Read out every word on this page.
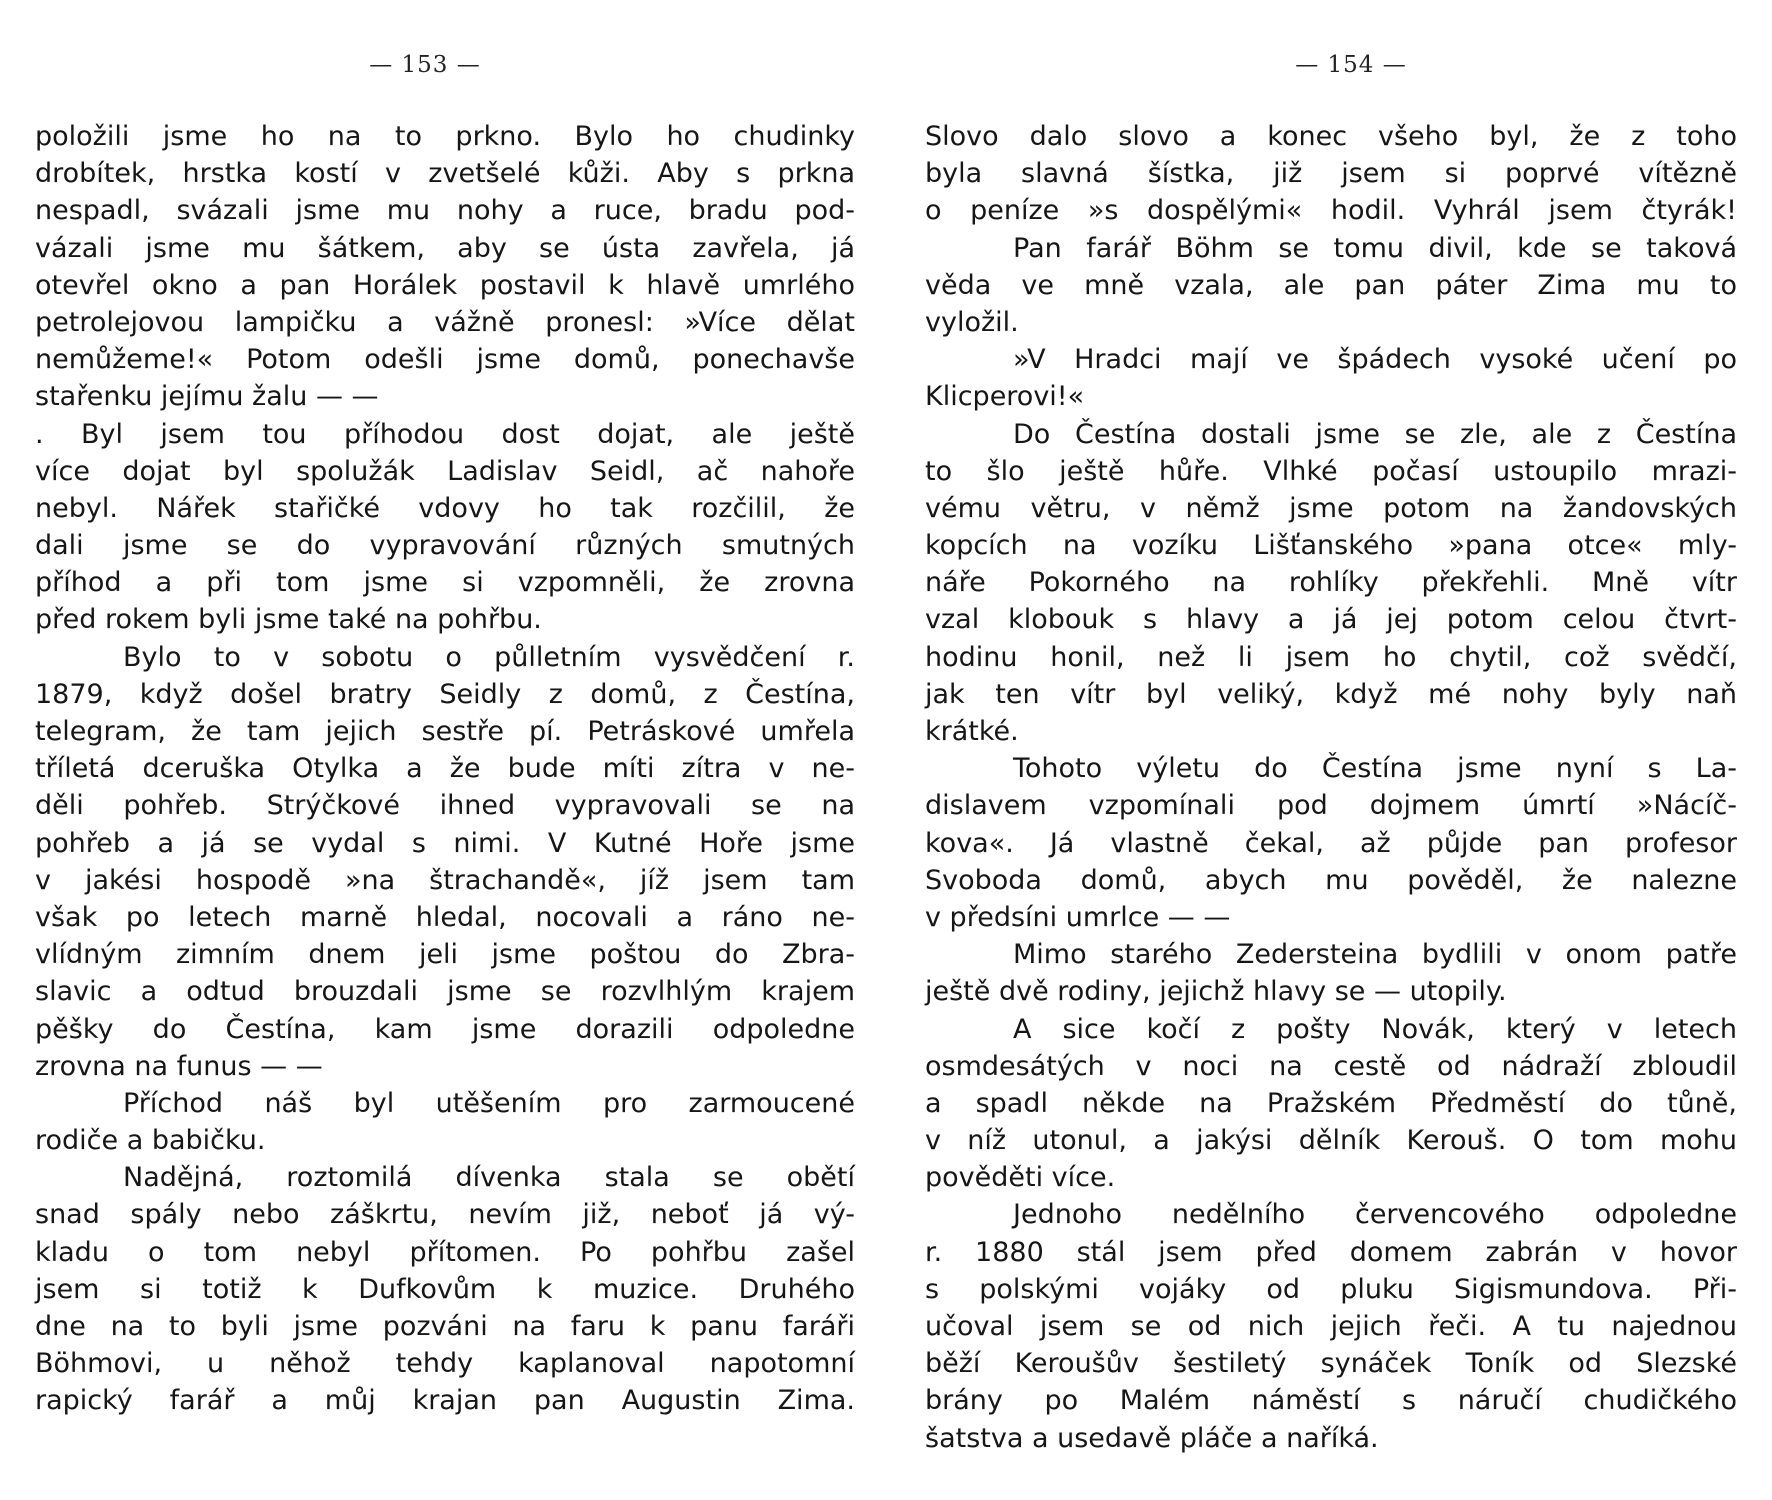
— 153 —
položili jsme ho na to prkno. Bylo ho chudinky
drobítek, hrstka kostí v zvetšelé kůži. Aby s prkna
nespadl, svázali jsme mu nohy a ruce, bradu pod-
vázali jsme mu šátkem, aby se ústa zavřela, já
otevřel okno a pan Horálek postavil k hlavě umrlého
petrolejovou lampičku a vážně pronesl: »Více dělat
nemůžeme!« Potom odešli jsme domů, ponechavše
stařenku jejímu žalu — —
. Byl jsem tou příhodou dost dojat, ale ještě
více dojat byl spolužák Ladislav Seidl, ač nahoře
nebyl. Nářek stařičké vdovy ho tak rozčilil, že
dali jsme se do vypravování různých smutných
příhod a při tom jsme si vzpomněli, že zrovna
před rokem byli jsme také na pohřbu.
Bylo to v sobotu o půlletním vysvědčení r.
1879, když došel bratry Seidly z domů, z Čestína,
telegram, že tam jejich sestře pí. Petráskové umřela
tříletá dceruška Otylka a že bude míti zítra v ne-
děli pohřeb. Strýčkové ihned vypravovali se na
pohřeb a já se vydal s nimi. V Kutné Hoře jsme
v jakési hospodě »na štrachandě«, jíž jsem tam
však po letech marně hledal, nocovali a ráno ne-
vlídným zimním dnem jeli jsme poštou do Zbra-
slavic a odtud brouzdali jsme se rozvlhlým krajem
pěšky do Čestína, kam jsme dorazili odpoledne
zrovna na funus — —
Příchod náš byl utěšením pro zarmoucené
rodiče a babičku.
Nadějná, roztomilá dívenka stala se obětí
snad spály nebo záškrtu, nevím již, neboť já vý-
kladu o tom nebyl přítomen. Po pohřbu zašel
jsem si totiž k Dufkovům k muzice. Druhého
dne na to byli jsme pozváni na faru k panu faráři
Böhmovi, u něhož tehdy kaplanoval napotomní
rapický farář a můj krajan pan Augustin Zima.
— 154 —
Slovo dalo slovo a konec všeho byl, že z toho
byla slavná šístka, již jsem si poprvé vítězně
o peníze »s dospělými« hodil. Vyhrál jsem čtyrák!
Pan farář Böhm se tomu divil, kde se taková
věda ve mně vzala, ale pan páter Zima mu to
vyložil.
»V Hradci mají ve špádech vysoké učení po
Klicperovi!«
Do Čestína dostali jsme se zle, ale z Čestína
to šlo ještě hůře. Vlhké počasí ustoupilo mrazi-
vému větru, v němž jsme potom na žandovských
kopcích na vozíku Lišťanského »pana otce« mly-
náře Pokorného na rohlíky překřehli. Mně vítr
vzal klobouk s hlavy a já jej potom celou čtvrt-
hodinu honil, než li jsem ho chytil, což svědčí,
jak ten vítr byl veliký, když mé nohy byly naň
krátké.
Tohoto výletu do Čestína jsme nyní s La-
dislavem vzpomínali pod dojmem úmrtí »Nácíč-
kova«. Já vlastně čekal, až půjde pan profesor
Svoboda domů, abych mu pověděl, že nalezne
v předsíni umrlce — —
Mimo starého Zedersteina bydlili v onom patře
ještě dvě rodiny, jejichž hlavy se — utopily.
A sice kočí z pošty Novák, který v letech
osmdesátých v noci na cestě od nádraží zbloudil
a spadl někde na Pražském Předměstí do tůně,
v níž utonul, a jakýsi dělník Kerouš. O tom mohu
pověděti více.
Jednoho nedělního červencového odpoledne
r. 1880 stál jsem před domem zabrán v hovor
s polskými vojáky od pluku Sigismundova. Při-
učoval jsem se od nich jejich řeči. A tu najednou
běží Keroušův šestiletý synáček Toník od Slezské
brány po Malém náměstí s náručí chudičkého
šatstva a usedavě pláče a naříká.
